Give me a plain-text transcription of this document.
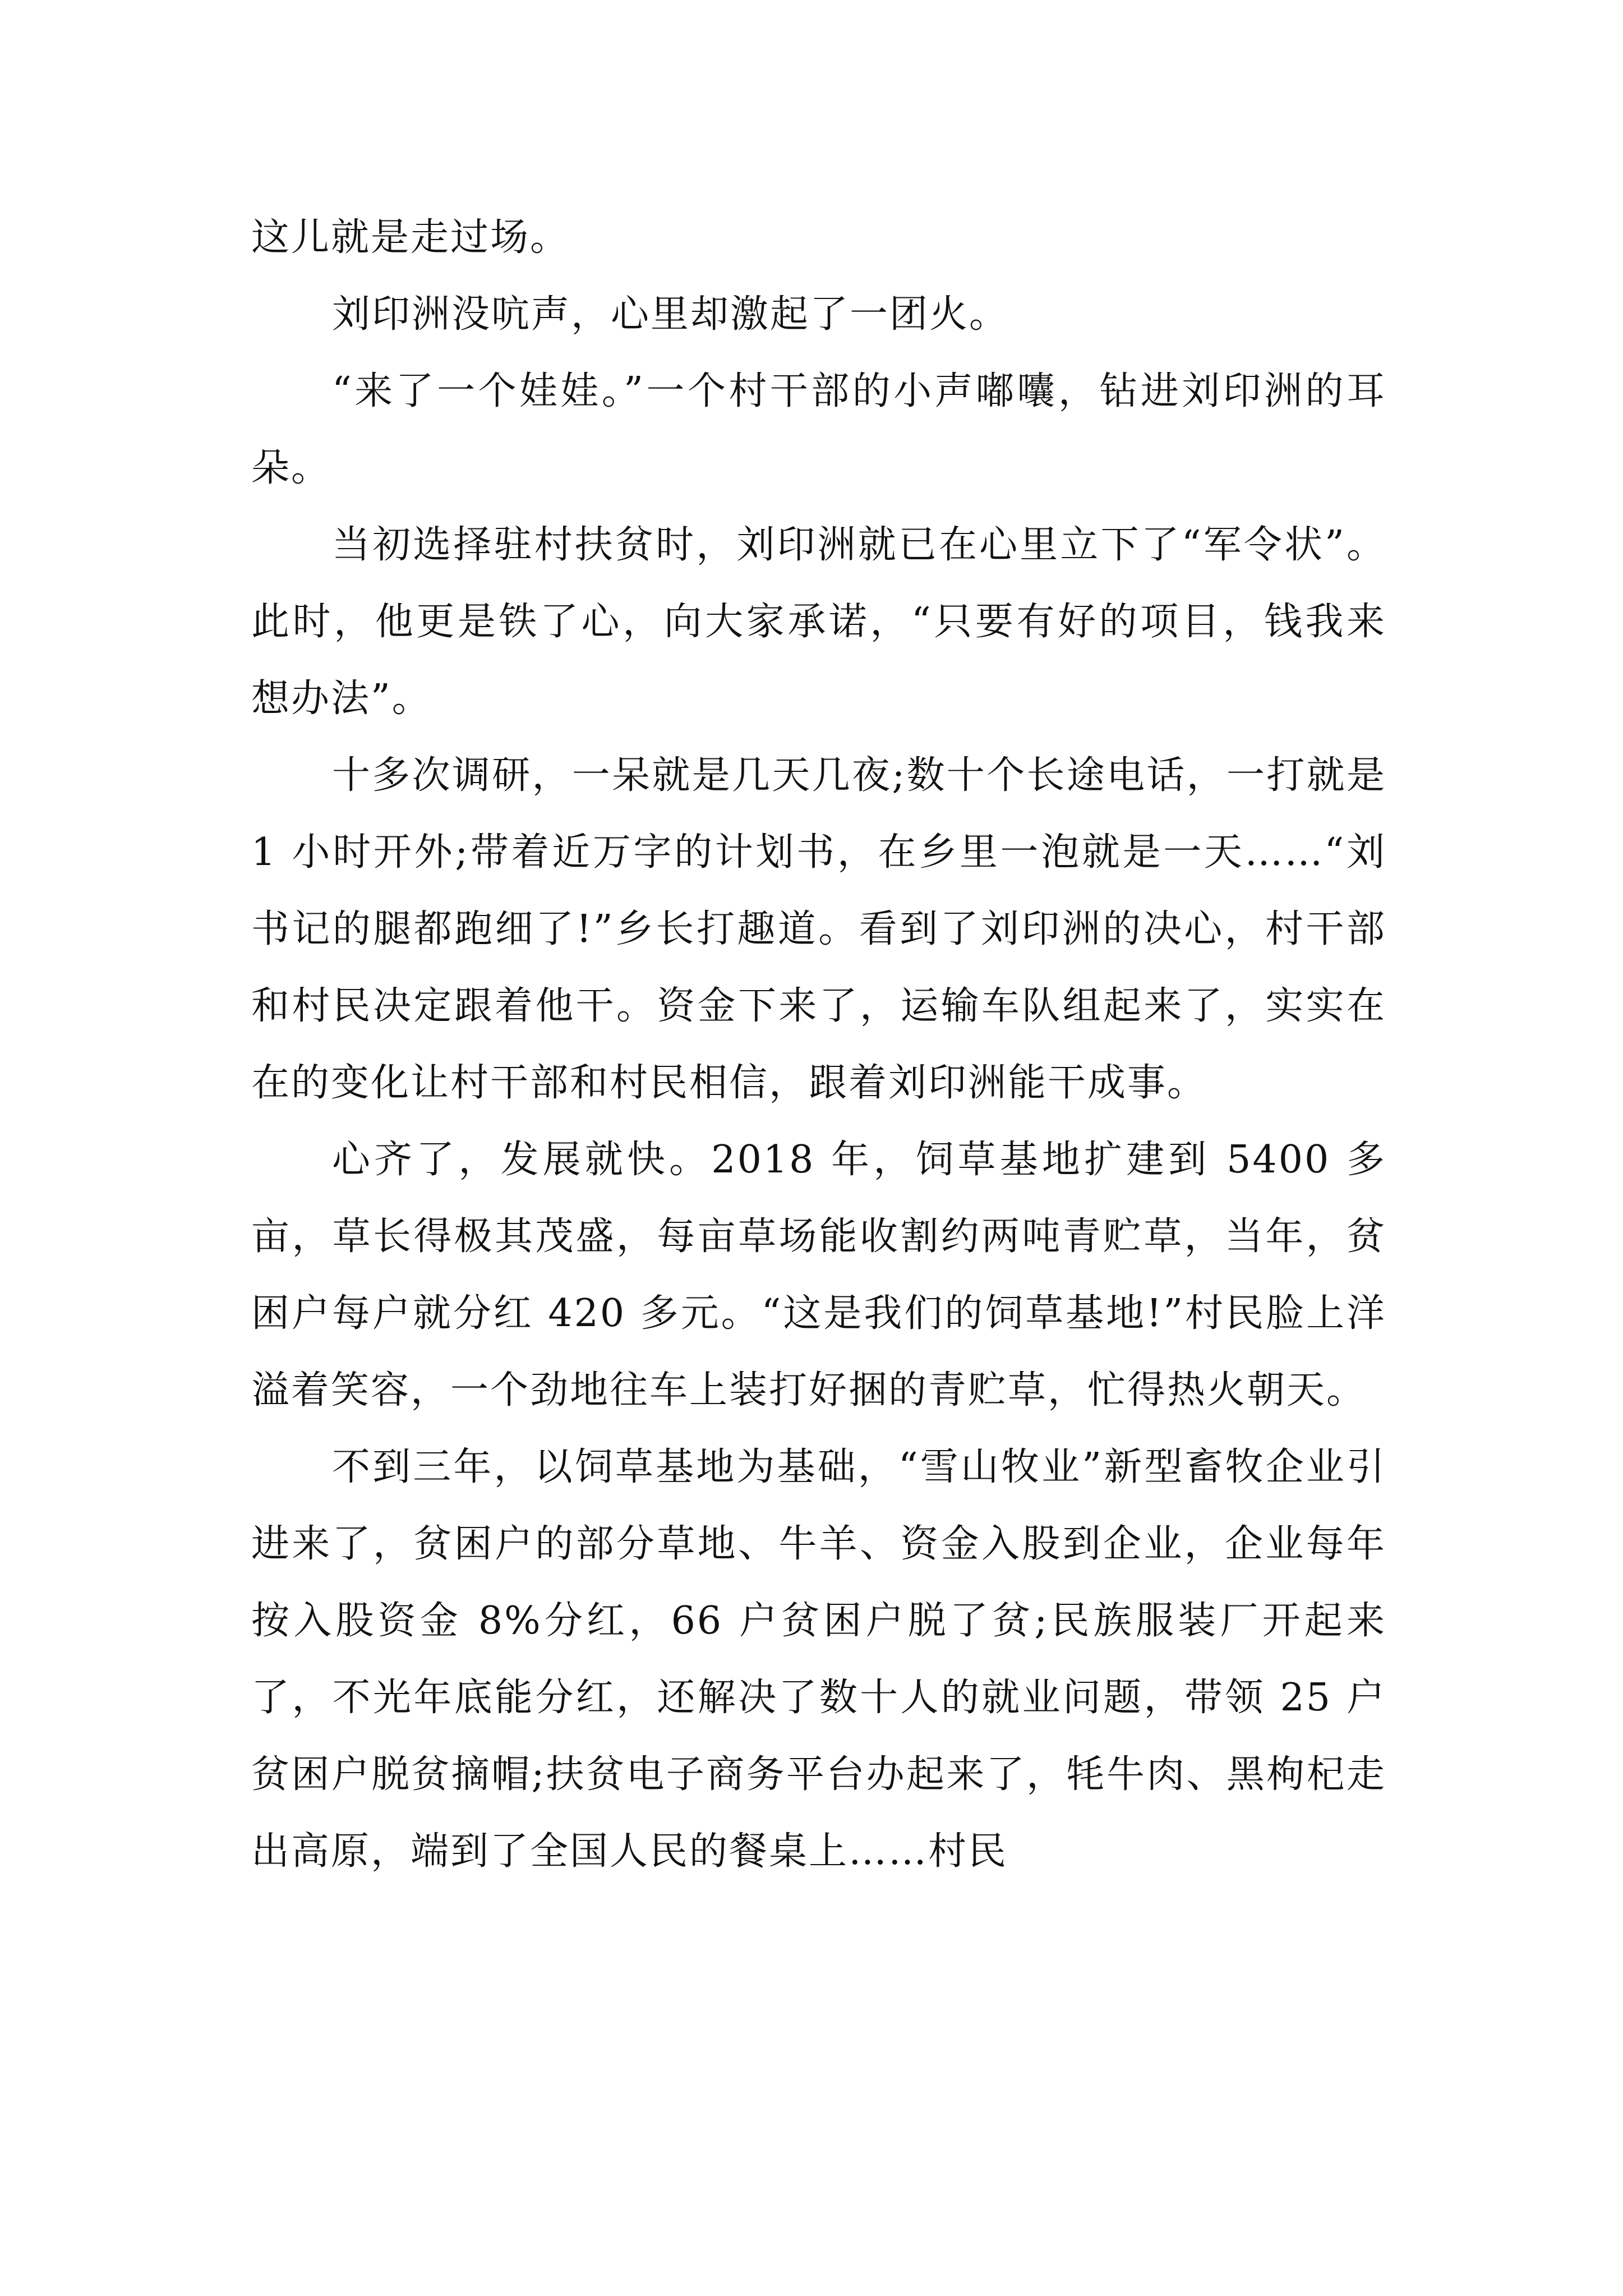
这儿就是走过场。

刘印洲没吭声，心里却激起了一团火。

“来了一个娃娃。”一个村干部的小声嘟囔，钻进刘印洲的耳朵。

当初选择驻村扶贫时，刘印洲就已在心里立下了“军令状”。此时，他更是铁了心，向大家承诺，“只要有好的项目，钱我来想办法”。

十多次调研，一呆就是几天几夜;数十个长途电话，一打就是 1 小时开外;带着近万字的计划书，在乡里一泡就是一天……“刘书记的腿都跑细了!”乡长打趣道。看到了刘印洲的决心，村干部和村民决定跟着他干。资金下来了，运输车队组起来了，实实在在的变化让村干部和村民相信，跟着刘印洲能干成事。

心齐了，发展就快。2018 年，饲草基地扩建到 5400 多亩，草长得极其茂盛，每亩草场能收割约两吨青贮草，当年，贫困户每户就分红 420 多元。“这是我们的饲草基地!”村民脸上洋溢着笑容，一个劲地往车上装打好捆的青贮草，忙得热火朝天。

不到三年，以饲草基地为基础，“雪山牧业”新型畜牧企业引进来了，贫困户的部分草地、牛羊、资金入股到企业，企业每年按入股资金 8%分红，66 户贫困户脱了贫;民族服装厂开起来了，不光年底能分红，还解决了数十人的就业问题，带领 25 户贫困户脱贫摘帽;扶贫电子商务平台办起来了，牦牛肉、黑枸杞走出高原，端到了全国人民的餐桌上……村民
